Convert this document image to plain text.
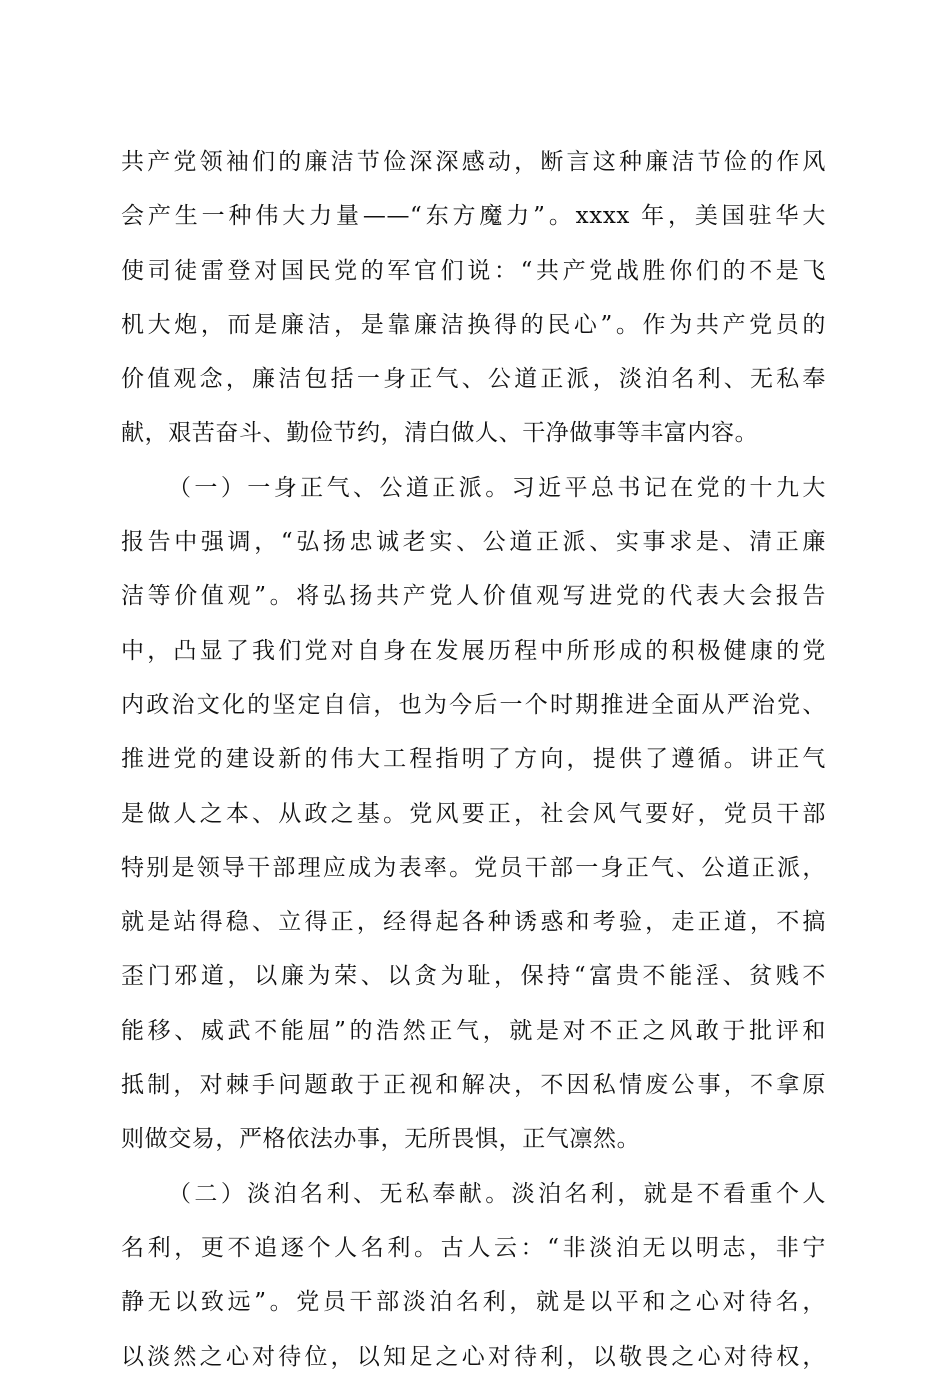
共产党领袖们的廉洁节俭深深感动，断言这种廉洁节俭的作风
会产生一种伟大力量——“东方魔力”。xxxx 年，美国驻华大
使司徒雷登对国民党的军官们说：“共产党战胜你们的不是飞
机大炮，而是廉洁，是靠廉洁换得的民心”。作为共产党员的
价值观念，廉洁包括一身正气、公道正派，淡泊名利、无私奉
献，艰苦奋斗、勤俭节约，清白做人、干净做事等丰富内容。
（一）一身正气、公道正派。习近平总书记在党的十九大
报告中强调，“弘扬忠诚老实、公道正派、实事求是、清正廉
洁等价值观”。将弘扬共产党人价值观写进党的代表大会报告
中，凸显了我们党对自身在发展历程中所形成的积极健康的党
内政治文化的坚定自信，也为今后一个时期推进全面从严治党、
推进党的建设新的伟大工程指明了方向，提供了遵循。讲正气
是做人之本、从政之基。党风要正，社会风气要好，党员干部
特别是领导干部理应成为表率。党员干部一身正气、公道正派，
就是站得稳、立得正，经得起各种诱惑和考验，走正道，不搞
歪门邪道，以廉为荣、以贪为耻，保持“富贵不能淫、贫贱不
能移、威武不能屈”的浩然正气，就是对不正之风敢于批评和
抵制，对棘手问题敢于正视和解决，不因私情废公事，不拿原
则做交易，严格依法办事，无所畏惧，正气凛然。
（二）淡泊名利、无私奉献。淡泊名利，就是不看重个人
名利，更不追逐个人名利。古人云：“非淡泊无以明志，非宁
静无以致远”。党员干部淡泊名利，就是以平和之心对待名，
以淡然之心对待位，以知足之心对待利，以敬畏之心对待权，
